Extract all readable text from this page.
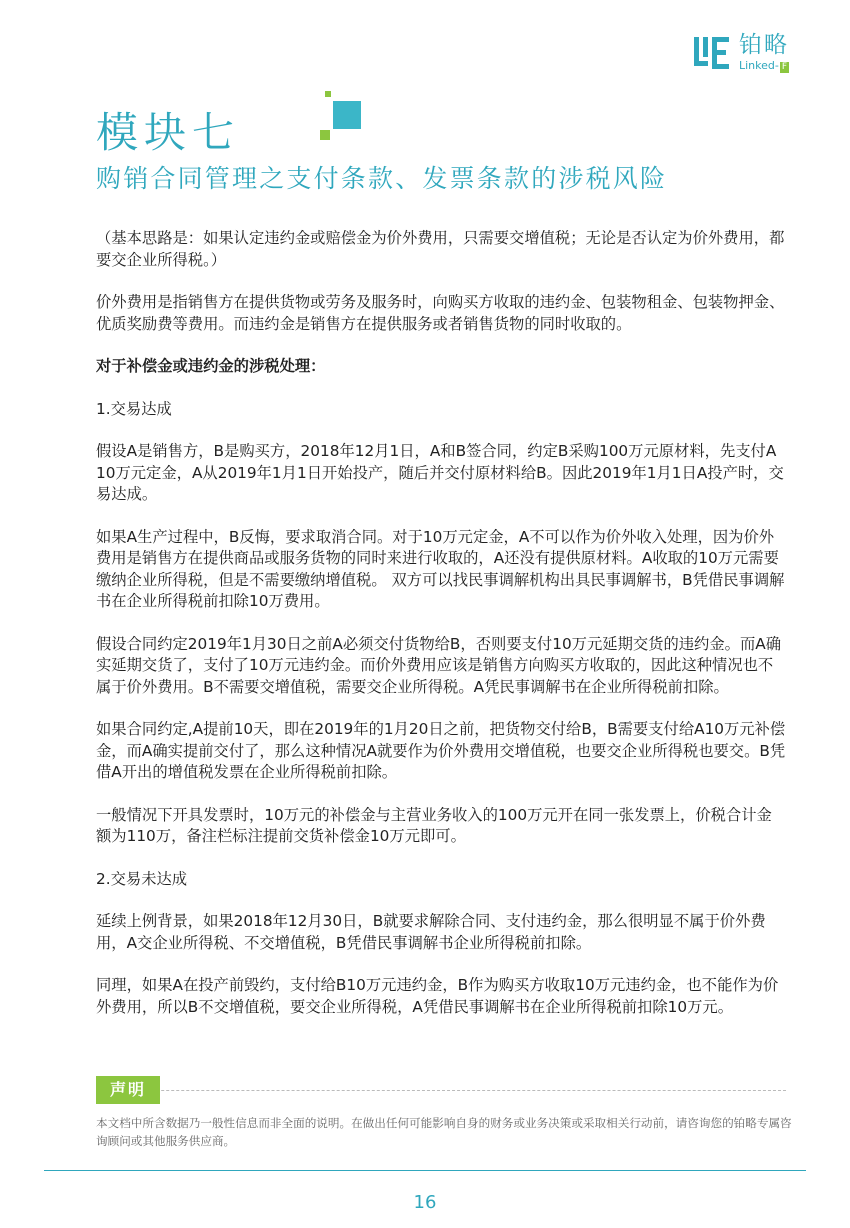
铂略
Linked- F
模块七
购销合同管理之支付条款、发票条款的涉税风险

（基本思路是：如果认定违约金或赔偿金为价外费用，只需要交增值税；无论是否认定为价外费用，都要交企业所得税。）

价外费用是指销售方在提供货物或劳务及服务时，向购买方收取的违约金、包装物租金、包装物押金、优质奖励费等费用。而违约金是销售方在提供服务或者销售货物的同时收取的。

对于补偿金或违约金的涉税处理：

1.交易达成

假设A是销售方，B是购买方，2018年12月1日，A和B签合同，约定B采购100万元原材料，先支付A 10万元定金，A从2019年1月1日开始投产，随后并交付原材料给B。因此2019年1月1日A投产时，交易达成。

如果A生产过程中，B反悔，要求取消合同。对于10万元定金，A不可以作为价外收入处理，因为价外费用是销售方在提供商品或服务货物的同时来进行收取的，A还没有提供原材料。A收取的10万元需要缴纳企业所得税，但是不需要缴纳增值税。 双方可以找民事调解机构出具民事调解书，B凭借民事调解书在企业所得税前扣除10万费用。

假设合同约定2019年1月30日之前A必须交付货物给B，否则要支付10万元延期交货的违约金。而A确实延期交货了，支付了10万元违约金。而价外费用应该是销售方向购买方收取的，因此这种情况也不属于价外费用。B不需要交增值税，需要交企业所得税。A凭民事调解书在企业所得税前扣除。

如果合同约定,A提前10天，即在2019年的1月20日之前，把货物交付给B，B需要支付给A10万元补偿金，而A确实提前交付了，那么这种情况A就要作为价外费用交增值税，也要交企业所得税也要交。B凭借A开出的增值税发票在企业所得税前扣除。

一般情况下开具发票时，10万元的补偿金与主营业务收入的100万元开在同一张发票上，价税合计金额为110万，备注栏标注提前交货补偿金10万元即可。

2.交易未达成

延续上例背景，如果2018年12月30日，B就要求解除合同、支付违约金，那么很明显不属于价外费用，A交企业所得税、不交增值税，B凭借民事调解书企业所得税前扣除。

同理，如果A在投产前毁约，支付给B10万元违约金，B作为购买方收取10万元违约金，也不能作为价外费用，所以B不交增值税，要交企业所得税，A凭借民事调解书在企业所得税前扣除10万元。

声明
本文档中所含数据乃一般性信息而非全面的说明。在做出任何可能影响自身的财务或业务决策或采取相关行动前，请咨询您的铂略专属咨询顾问或其他服务供应商。
16
